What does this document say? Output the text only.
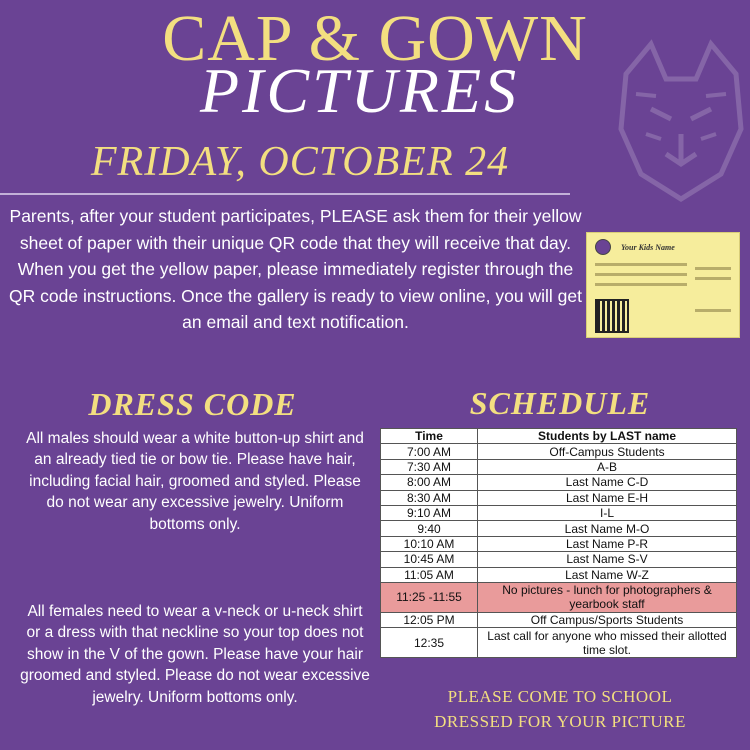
CAP & GOWN
PICTURES
FRIDAY, OCTOBER 24

Parents, after your student participates, PLEASE ask them for their yellow sheet of paper with their unique QR code that they will receive that day. When you get the yellow paper, please immediately register through the QR code instructions. Once the gallery is ready to view online, you will get an email and text notification.

Your Kids Name
DRESS CODE

All males should wear a white button-up shirt and an already tied tie or bow tie. Please have hair, including facial hair, groomed and styled. Please do not wear any excessive jewelry. Uniform bottoms only.

All females need to wear a v-neck or u-neck shirt or a dress with that neckline so your top does not show in the V of the gown. Please have your hair groomed and styled. Please do not wear excessive jewelry. Uniform bottoms only.

SCHEDULE
Time	Students by LAST name
7:00 AM	Off-Campus Students
7:30 AM	A-B
8:00 AM	Last Name C-D
8:30 AM	Last Name E-H
9:10 AM	I-L
9:40	Last Name M-O
10:10 AM	Last Name P-R
10:45 AM	Last Name S-V
11:05 AM	Last Name W-Z
11:25 -11:55	No pictures - lunch for photographers & yearbook staff
12:05 PM	Off Campus/Sports Students
12:35	Last call for anyone who missed their allotted time slot.

PLEASE COME TO SCHOOL
DRESSED FOR YOUR PICTURE
